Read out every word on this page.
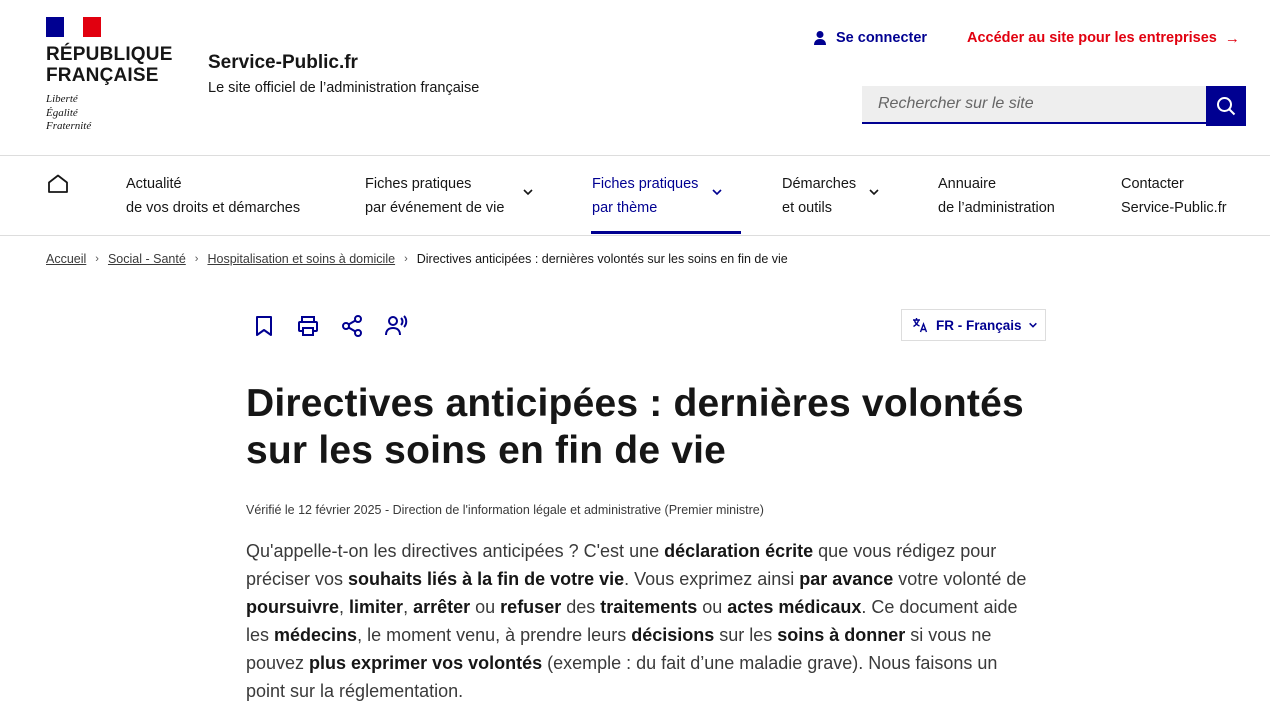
RÉPUBLIQUE
FRANÇAISE
Liberté
Égalité
Fraternité
Service-Public.fr
Le site officiel de l’administration française
Se connecter	Accéder au site pour les entreprises →
Rechercher sur le site
Actualité
de vos droits et démarches
Fiches pratiques
par événement de vie
Fiches pratiques
par thème
Démarches
et outils
Annuaire
de l’administration
Contacter
Service-Public.fr
Accueil › Social - Santé › Hospitalisation et soins à domicile › Directives anticipées : dernières volontés sur les soins en fin de vie
FR - Français
Directives anticipées : dernières volontés
sur les soins en fin de vie
Vérifié le 12 février 2025 - Direction de l'information légale et administrative (Premier ministre)

Qu'appelle-t-on les directives anticipées ? C'est une déclaration écrite que vous rédigez pour préciser vos souhaits liés à la fin de votre vie. Vous exprimez ainsi par avance votre volonté de poursuivre, limiter, arrêter ou refuser des traitements ou actes médicaux. Ce document aide les médecins, le moment venu, à prendre leurs décisions sur les soins à donner si vous ne pouvez plus exprimer vos volontés (exemple : du fait d’une maladie grave). Nous faisons un point sur la réglementation.
